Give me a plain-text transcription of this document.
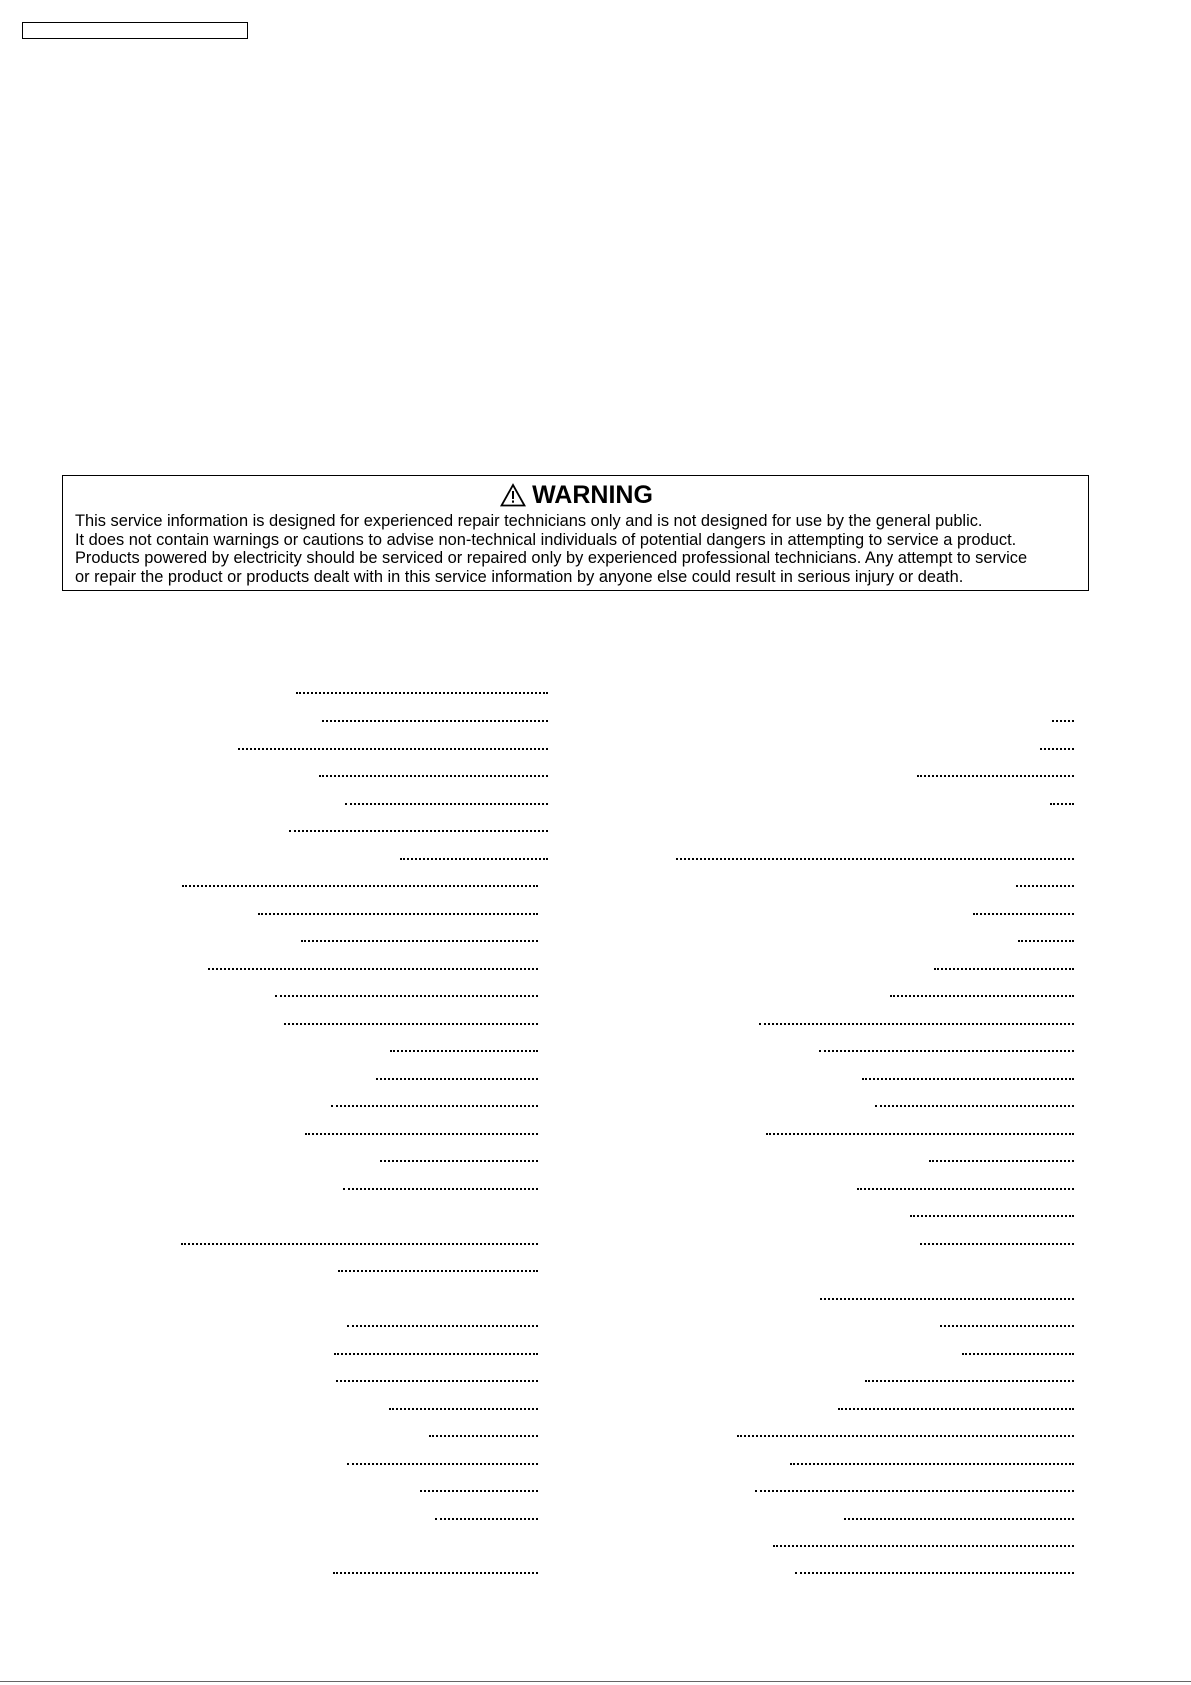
WARNING
This service information is designed for experienced repair technicians only and is not designed for use by the general public.
It does not contain warnings or cautions to advise non-technical individuals of potential dangers in attempting to service a product.
Products powered by electricity should be serviced or repaired only by experienced professional technicians. Any attempt to service
or repair the product or products dealt with in this service information by anyone else could result in serious injury or death.
